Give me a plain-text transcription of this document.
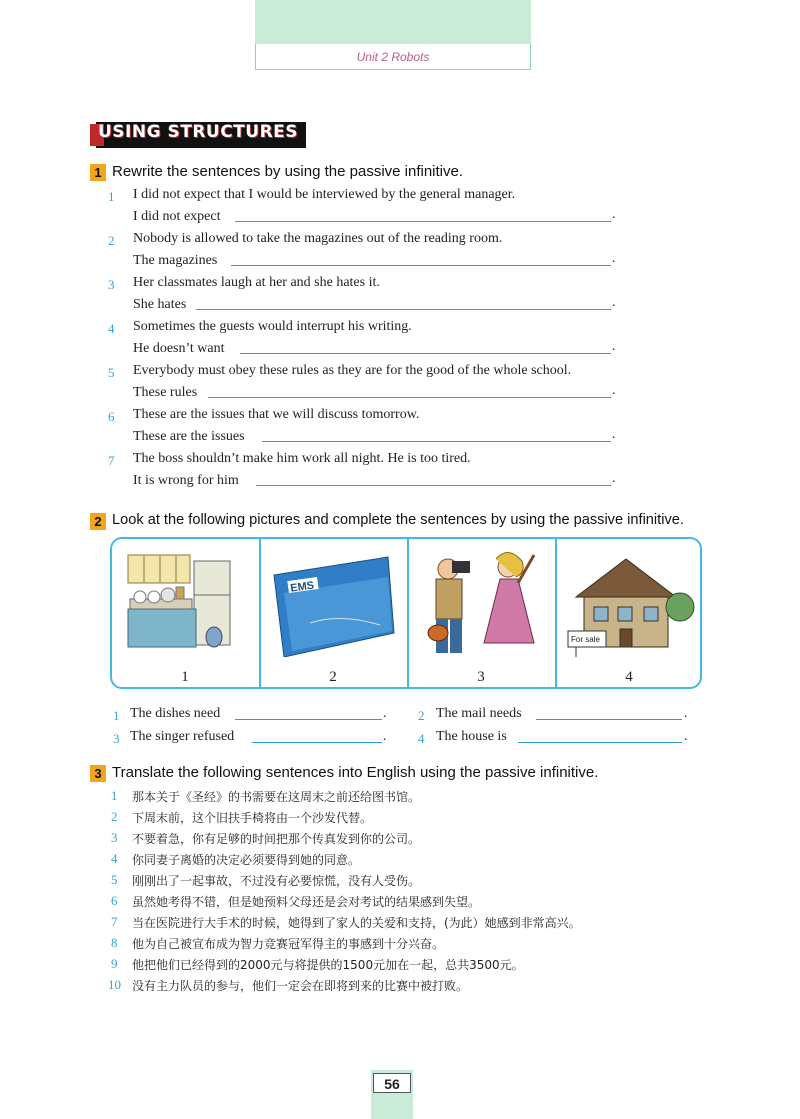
Unit 2 Robots
USING STRUCTURES
1 Rewrite the sentences by using the passive infinitive.
1 I did not expect that I would be interviewed by the general manager.
I did not expect	.
2 Nobody is allowed to take the magazines out of the reading room.
The magazines	.
3 Her classmates laugh at her and she hates it.
She hates	.
4 Sometimes the guests would interrupt his writing.
He doesn’t want	.
5 Everybody must obey these rules as they are for the good of the whole school.
These rules	.
6 These are the issues that we will discuss tomorrow.
These are the issues	.
7 The boss shouldn’t make him work all night. He is too tired.
It is wrong for him	.
2 Look at the following pictures and complete the sentences by using the passive infinitive.
EMS
For sale
1	2	3	4
1 The dishes need	. 2 The mail needs	.
3 The singer refused	. 4 The house is	.
3 Translate the following sentences into English using the passive infinitive.
1 那本关于《圣经》的书需要在这周末之前还给图书馆。
2 下周末前，这个旧扶手椅将由一个沙发代替。
3 不要着急，你有足够的时间把那个传真发到你的公司。
4 你同妻子离婚的决定必须要得到她的同意。
5 刚刚出了一起事故，不过没有必要惊慌，没有人受伤。
6 虽然她考得不错，但是她预料父母还是会对考试的结果感到失望。
7 当在医院进行大手术的时候，她得到了家人的关爱和支持，(为此）她感到非常高兴。
8 他为自己被宣布成为智力竞赛冠军得主的事感到十分兴奋。
9 他把他们已经得到的2000元与将提供的1500元加在一起，总共3500元。
10 没有主力队员的参与，他们一定会在即将到来的比赛中被打败。
56
